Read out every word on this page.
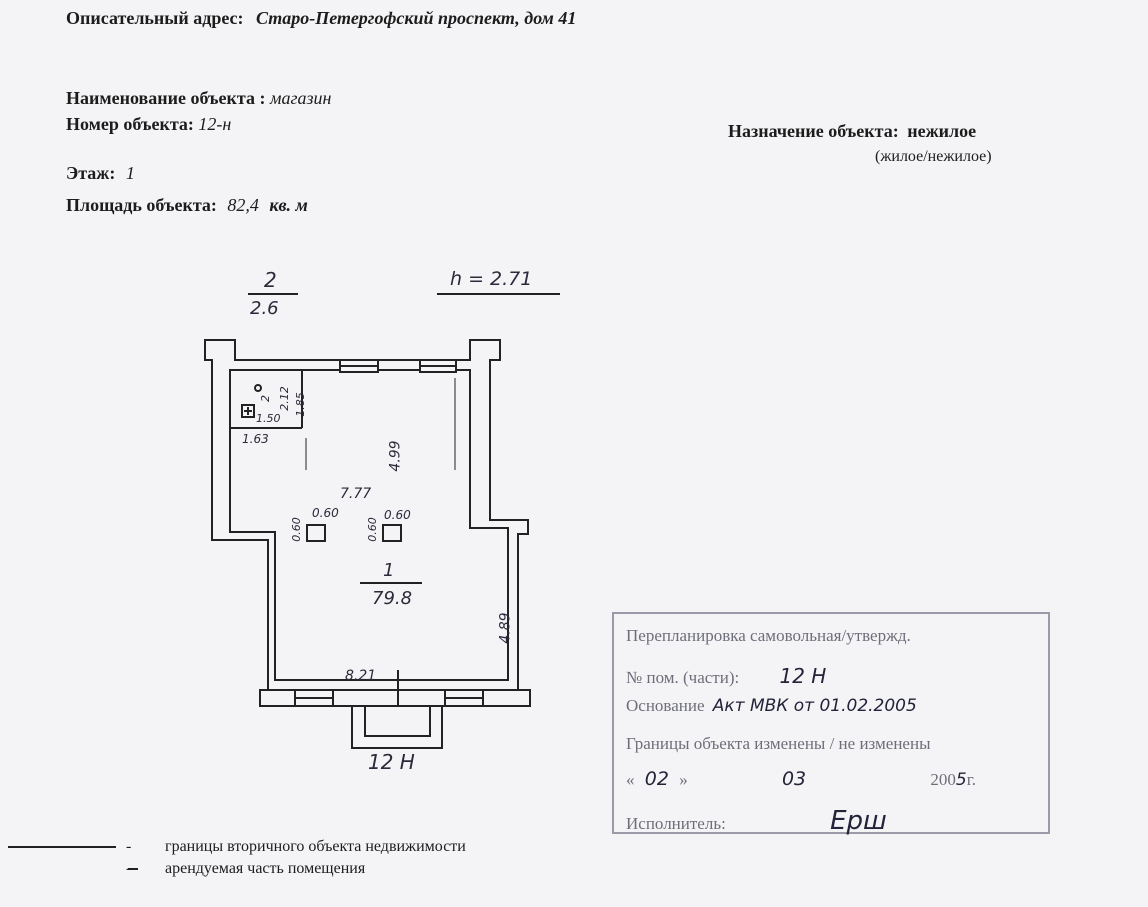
Описательный адрес: Старо-Петергофский проспект, дом 41
Наименование объекта : магазин
Номер объекта: 12-н	Назначение объекта: нежилое
(жилое/нежилое)
Этаж: 1
Площадь объекта: 82,4 кв. м
2
2.6
h = 2.71
4.99
7.77
4.89
8.21
1.63
1.50
2 2.12 1.85
0.60
0.60
0.60
0.60
1
79.8
12 Н
Перепланировка самовольная/утвержд.
№ пом. (части): 12 Н
Основание Акт МВК от 01.02.2005
Границы объекта изменены / не изменены
« 02 »	03	2005г.
Исполнитель:	Ерш
- границы вторичного объекта недвижимости
- арендуемая часть помещения
